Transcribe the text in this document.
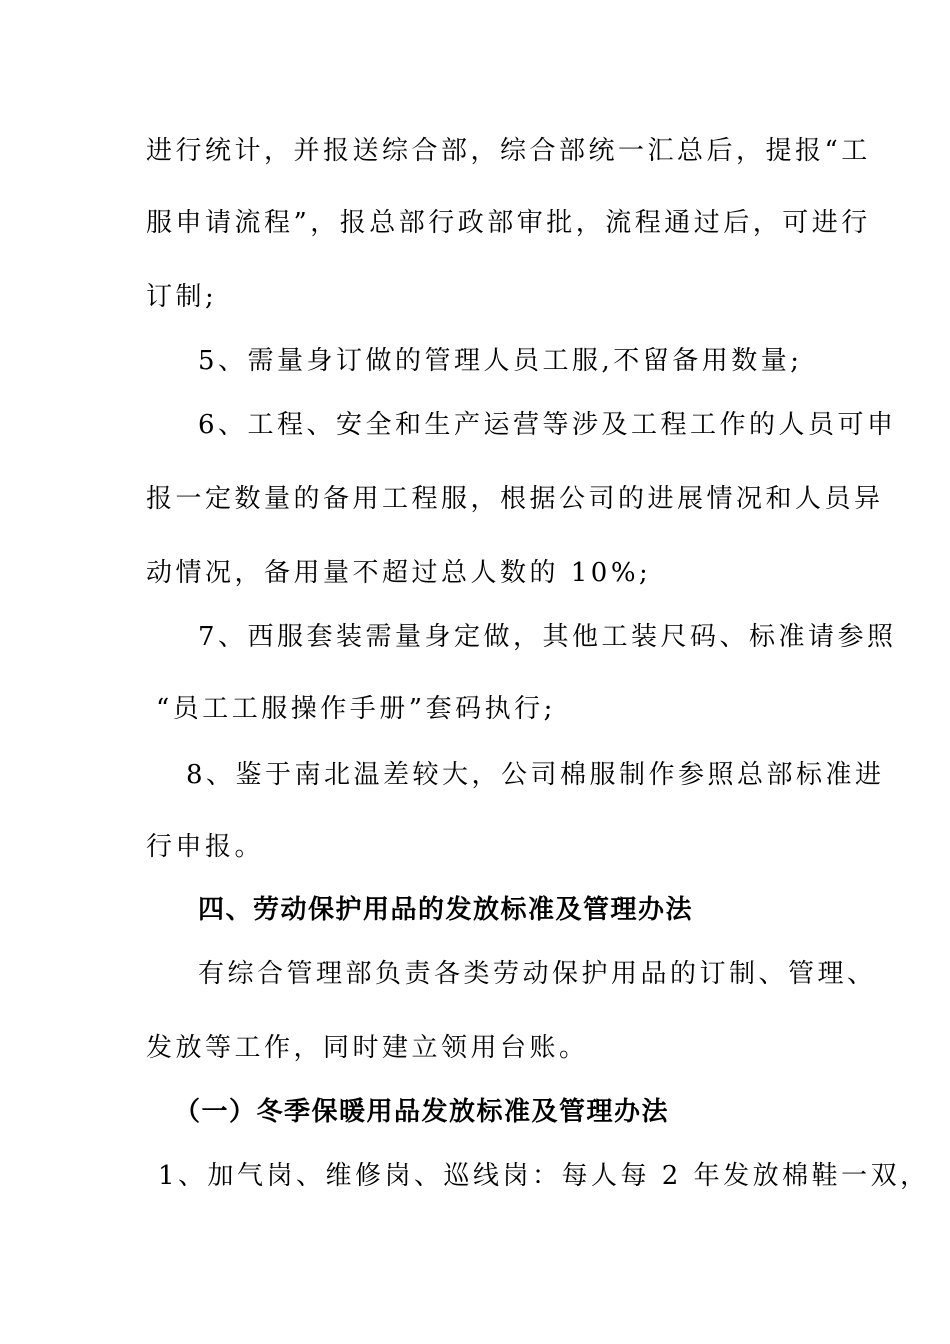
进行统计，并报送综合部，综合部统一汇总后，提报“工
服申请流程”，报总部行政部审批，流程通过后，可进行
订制;
5、需量身订做的管理人员工服,不留备用数量;
6、工程、安全和生产运营等涉及工程工作的人员可申
报一定数量的备用工程服，根据公司的进展情况和人员异
动情况，备用量不超过总人数的 10%;
7、西服套装需量身定做，其他工装尺码、标准请参照
“员工工服操作手册”套码执行;
8、鉴于南北温差较大，公司棉服制作参照总部标准进
行申报。
四、劳动保护用品的发放标准及管理办法
有综合管理部负责各类劳动保护用品的订制、管理、
发放等工作，同时建立领用台账。
（一）冬季保暖用品发放标准及管理办法
1、加气岗、维修岗、巡线岗：每人每 2 年发放棉鞋一双，
